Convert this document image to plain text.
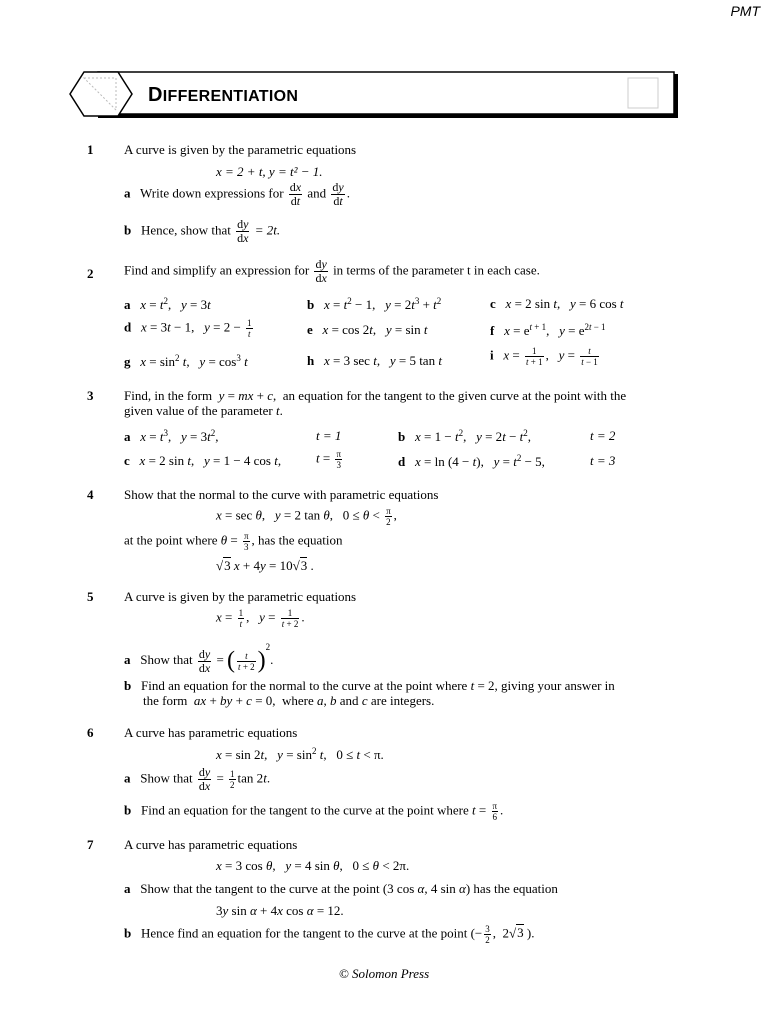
PMT
DIFFERENTIATION
1 A curve is given by the parametric equations
x = 2 + t, y = t² − 1.
a Write down expressions for $\frac{dx}{dt}$ and $\frac{dy}{dt}$ .
b Hence, show that $\frac{dy}{dx} = 2t$.
2 Find and simplify an expression for $\frac{dy}{dx}$ in terms of the parameter t in each case.
a $x = t^2$,   y = 3t	b $x = t^2 - 1$,   $y = 2t^3 + t^2$	c x = 2 sin t,   y = 6 cos t
d x = 3t − 1,   $y = 2 - \frac{1}{t}$	e x = cos 2t,   y = sin t	f $x = e^{t + 1}$,   $y = e^{2t - 1}$
g $x = \sin^2 t$,   $y = \cos^3 t$	h x = 3 sec t,   y = 5 tan t	i $x = \frac{1}{t + 1}$ ,   $y = \frac{t}{t - 1}$
3 Find, in the form  y = mx + c,  an equation for the tangent to the given curve at the point with the
given value of the parameter t.
a $x = t^3$,   $y = 3t^2$,	t = 1	b $x = 1 - t^2$,   $y = 2t - t^2$,	t = 2
c x = 2 sin t,   y = 1 − 4 cos t,	$t = \frac{\pi}{3}$	d x = ln (4 − t),   $y = t^2 - 5$,	t = 3
4 Show that the normal to the curve with parametric equations
x = sec θ,   y = 2 tan θ,   $0 \le \theta < \frac{\pi}{2}$ ,
at the point where $\theta = \frac{\pi}{3}$ , has the equation
√3 x + 4y = 10√3 .
5 A curve is given by the parametric equations
$x = \frac{1}{t}$ ,   $y = \frac{1}{t + 2}$ .
a Show that $\frac{dy}{dx}$ = ( $\frac{t}{t + 2} )^2$.
b   Find an equation for the normal to the curve at the point where t = 2, giving your answer in
the form  ax + by + c = 0,  where a, b and c are integers.
6 A curve has parametric equations
x = sin 2t,   $y = \sin^2 t$,   0 ≤ t < π.
a Show that $\frac{dy}{dx} = \frac{1}{2}$ tan 2t.
b   Find an equation for the tangent to the curve at the point where $t = \frac{\pi}{6}$ .
7 A curve has parametric equations
x = 3 cos θ,   y = 4 sin θ,   0 ≤ θ < 2π.
a   Show that the tangent to the curve at the point (3 cos α, 4 sin α) has the equation
3y sin α + 4x cos α = 12.
b Hence find an equation for the tangent to the curve at the point (− $\frac{3}{2}$ ,  2√3 ).
© Solomon Press
